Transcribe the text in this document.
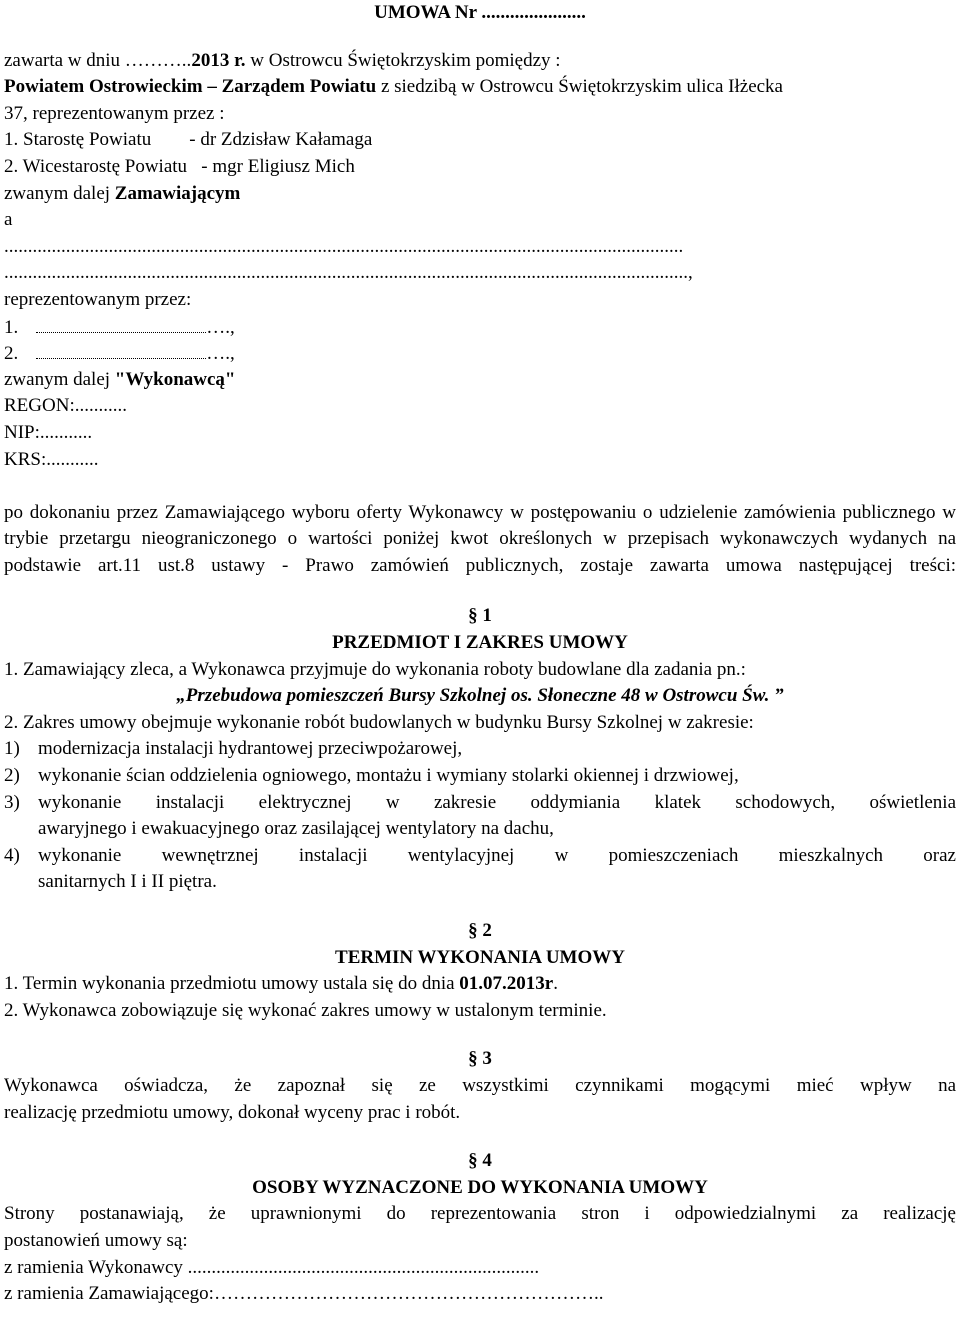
UMOWA Nr ......................
zawarta w dniu ………..2013 r. w Ostrowcu Świętokrzyskim pomiędzy :
Powiatem Ostrowieckim – Zarządem Powiatu z siedzibą w Ostrowcu Świętokrzyskim ulica Iłżecka
37, reprezentowanym przez :
1. Starostę Powiatu        - dr Zdzisław Kałamaga
2. Wicestarostę Powiatu   - mgr Eligiusz Mich
zwanym dalej Zamawiającym
a
...............................................................................................................................................
................................................................................................................................................,
reprezentowanym przez:
1.	….,
2.	….,
zwanym dalej "Wykonawcą"
REGON:...........
NIP:...........
KRS:...........
po dokonaniu przez Zamawiającego wyboru oferty Wykonawcy w postępowaniu o udzielenie zamówienia publicznego w trybie przetargu nieograniczonego o wartości poniżej kwot określonych w przepisach wykonawczych wydanych na podstawie art.11 ust.8 ustawy - Prawo zamówień publicznych, zostaje zawarta umowa następującej treści:
§ 1
PRZEDMIOT I ZAKRES UMOWY
1. Zamawiający zleca, a Wykonawca przyjmuje do wykonania roboty budowlane dla zadania pn.:
„Przebudowa pomieszczeń Bursy Szkolnej os. Słoneczne 48 w Ostrowcu Św. ”
2. Zakres umowy obejmuje wykonanie robót budowlanych w budynku Bursy Szkolnej w zakresie:
1) modernizacja instalacji hydrantowej przeciwpożarowej,
2) wykonanie ścian oddzielenia ogniowego, montażu i wymiany stolarki okiennej i drzwiowej,
3) wykonanie instalacji elektrycznej w zakresie oddymiania klatek schodowych, oświetlenia
awaryjnego i ewakuacyjnego oraz zasilającej wentylatory na dachu,
4) wykonanie wewnętrznej instalacji wentylacyjnej w pomieszczeniach mieszkalnych oraz
sanitarnych I i II piętra.
§ 2
TERMIN WYKONANIA UMOWY
1. Termin wykonania przedmiotu umowy ustala się do dnia 01.07.2013r.
2. Wykonawca zobowiązuje się wykonać zakres umowy w ustalonym terminie.
§ 3
Wykonawca oświadcza, że zapoznał się ze wszystkimi czynnikami mogącymi mieć wpływ na
realizację przedmiotu umowy, dokonał wyceny prac i robót.
§ 4
OSOBY WYZNACZONE DO WYKONANIA UMOWY
Strony postanawiają, że uprawnionymi do reprezentowania stron i odpowiedzialnymi za realizację
postanowień umowy są:
z ramienia Wykonawcy ..........................................................................
z ramienia Zamawiającego:……………………………………………………..
